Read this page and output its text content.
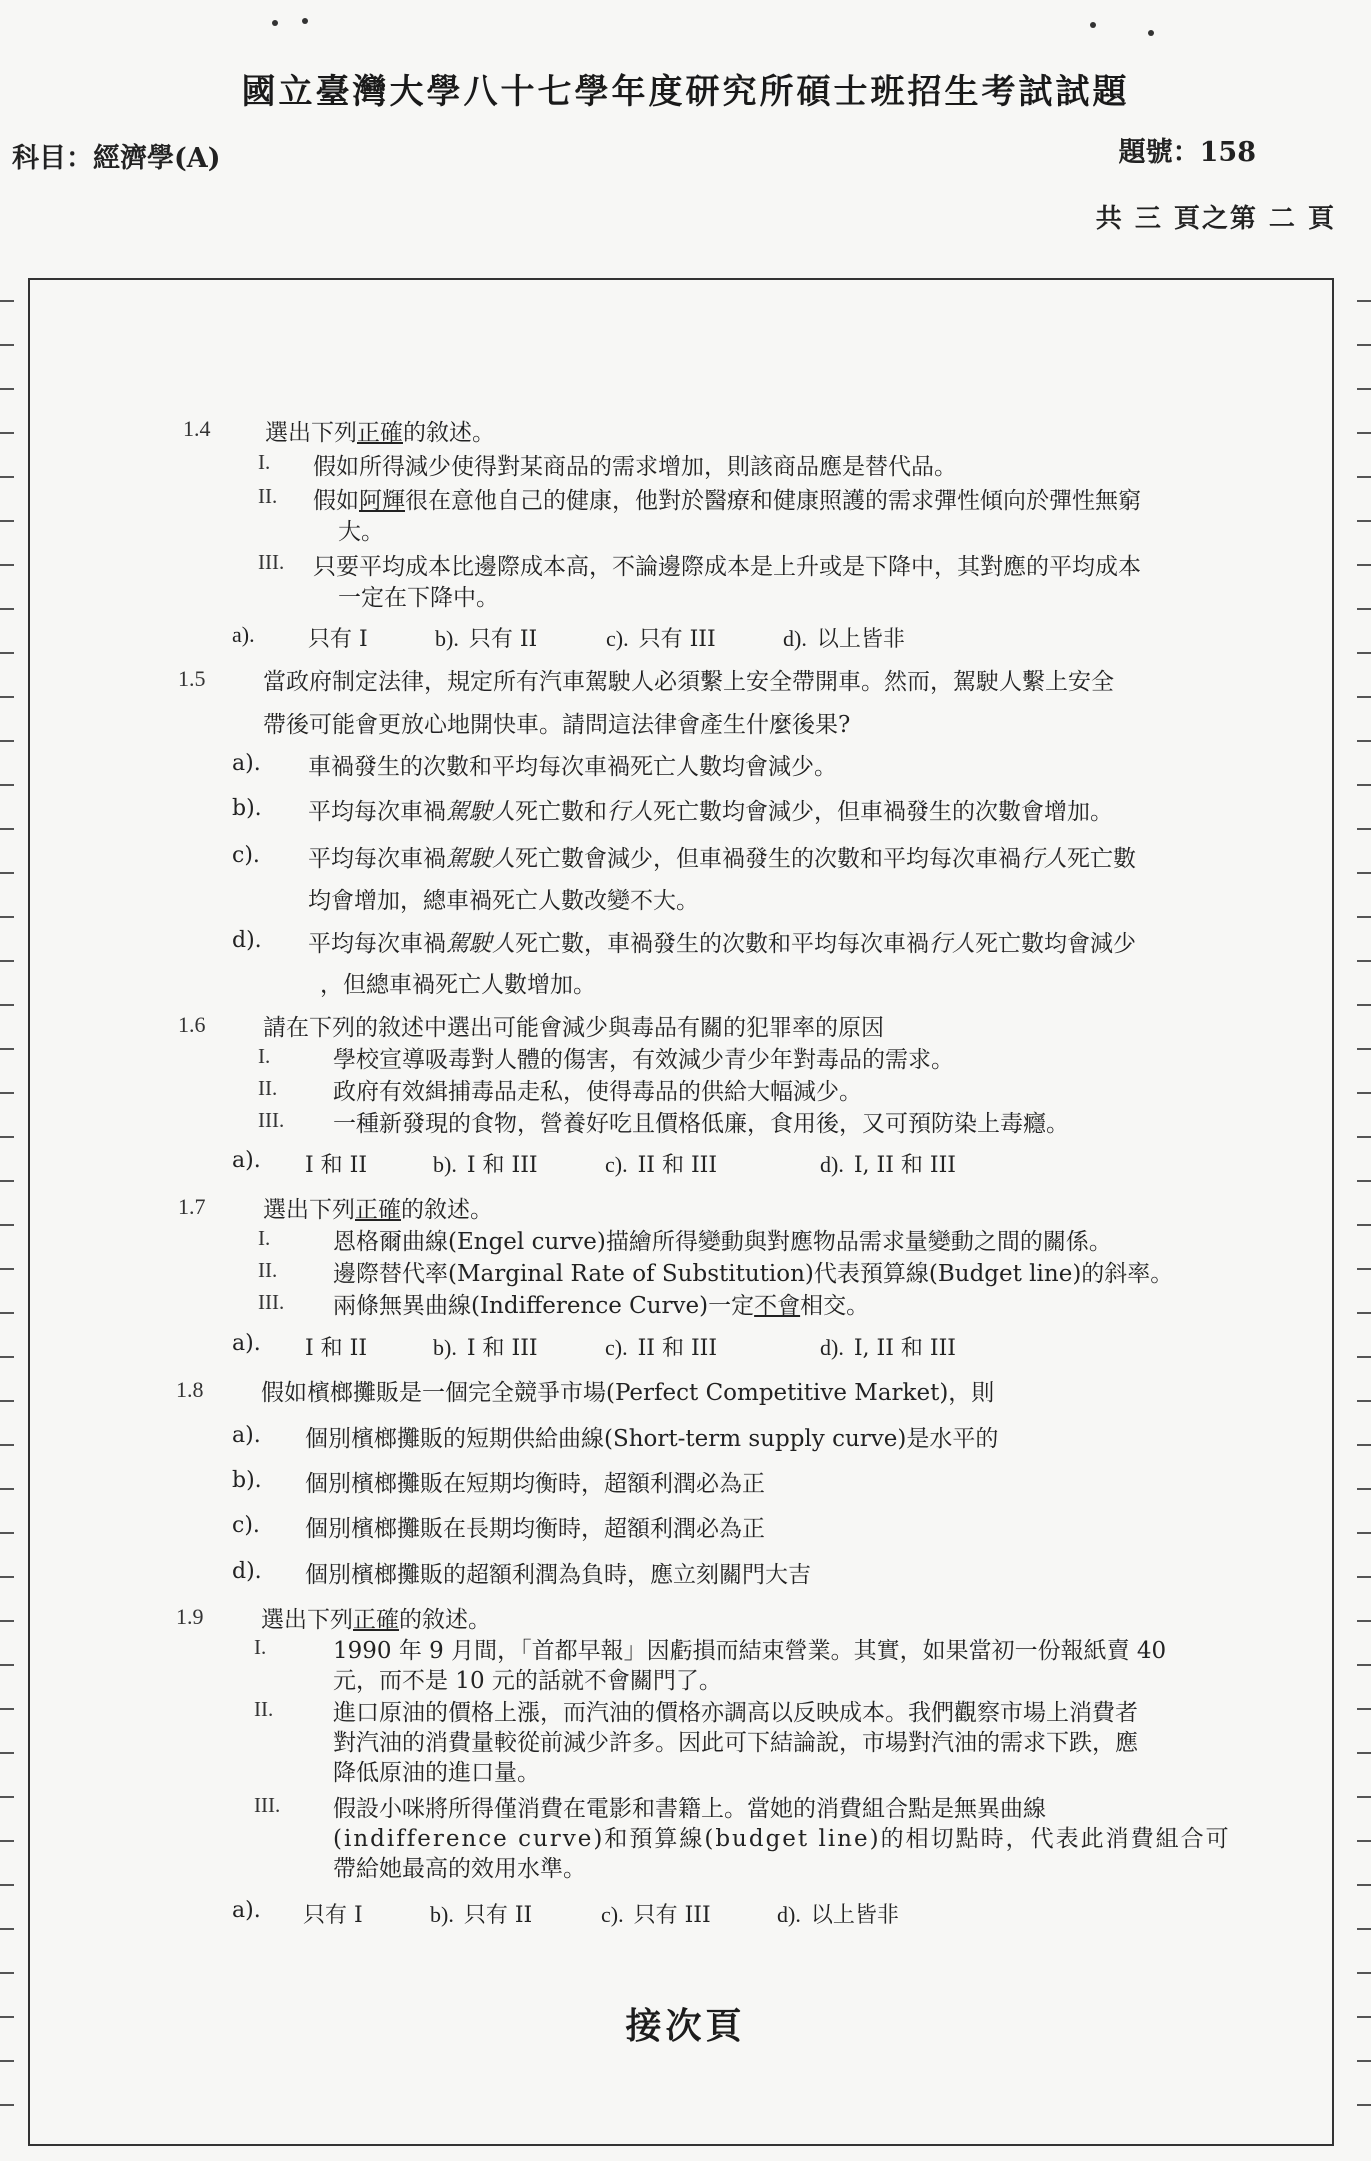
國立臺灣大學八十七學年度研究所碩士班招生考試試題
科目：經濟學(A)	題號：158
共 三 頁之第 二 頁
1.4 選出下列正確的敘述。
I. 假如所得減少使得對某商品的需求增加，則該商品應是替代品。
II. 假如阿輝很在意他自己的健康，他對於醫療和健康照護的需求彈性傾向於彈性無窮
大。
III. 只要平均成本比邊際成本高，不論邊際成本是上升或是下降中，其對應的平均成本
一定在下降中。
a).	只有 I	b). 只有 II	c). 只有 III	d). 以上皆非
1.5	當政府制定法律，規定所有汽車駕駛人必須繫上安全帶開車。然而，駕駛人繫上安全
帶後可能會更放心地開快車。請問這法律會產生什麼後果?
a). 車禍發生的次數和平均每次車禍死亡人數均會減少。
b). 平均每次車禍駕駛人死亡數和行人死亡數均會減少，但車禍發生的次數會增加。
c). 平均每次車禍駕駛人死亡數會減少，但車禍發生的次數和平均每次車禍行人死亡數
均會增加，總車禍死亡人數改變不大。
d). 平均每次車禍駕駛人死亡數，車禍發生的次數和平均每次車禍行人死亡數均會減少
，但總車禍死亡人數增加。
1.6	請在下列的敘述中選出可能會減少與毒品有關的犯罪率的原因
I.	學校宣導吸毒對人體的傷害，有效減少青少年對毒品的需求。
II. 政府有效緝捕毒品走私，使得毒品的供給大幅減少。
III. 一種新發現的食物，營養好吃且價格低廉，食用後，又可預防染上毒癮。
a). I 和 II	b). I 和 III	c). II 和 III	d). I, II 和 III
1.7	選出下列正確的敘述。
I.	恩格爾曲線(Engel curve)描繪所得變動與對應物品需求量變動之間的關係。
II. 邊際替代率(Marginal Rate of Substitution)代表預算線(Budget line)的斜率。
III. 兩條無異曲線(Indifference Curve)一定不會相交。
a). I 和 II	b). I 和 III	c). II 和 III	d). I, II 和 III
1.8	假如檳榔攤販是一個完全競爭市場(Perfect Competitive Market)，則
a). 個別檳榔攤販的短期供給曲線(Short-term supply curve)是水平的
b). 個別檳榔攤販在短期均衡時，超額利潤必為正
c). 個別檳榔攤販在長期均衡時，超額利潤必為正
d). 個別檳榔攤販的超額利潤為負時，應立刻關門大吉
1.9	選出下列正確的敘述。
I.	1990 年 9 月間，「首都早報」因虧損而結束營業。其實，如果當初一份報紙賣 40
元，而不是 10 元的話就不會關門了。
II.	進口原油的價格上漲，而汽油的價格亦調高以反映成本。我們觀察市場上消費者
對汽油的消費量較從前減少許多。因此可下結論說，市場對汽油的需求下跌，應
降低原油的進口量。
III. 假設小咪將所得僅消費在電影和書籍上。當她的消費組合點是無異曲線
(indifference curve)和預算線(budget line)的相切點時，代表此消費組合可
帶給她最高的效用水準。
a). 只有 I	b). 只有 II	c). 只有 III	d). 以上皆非
接次頁
